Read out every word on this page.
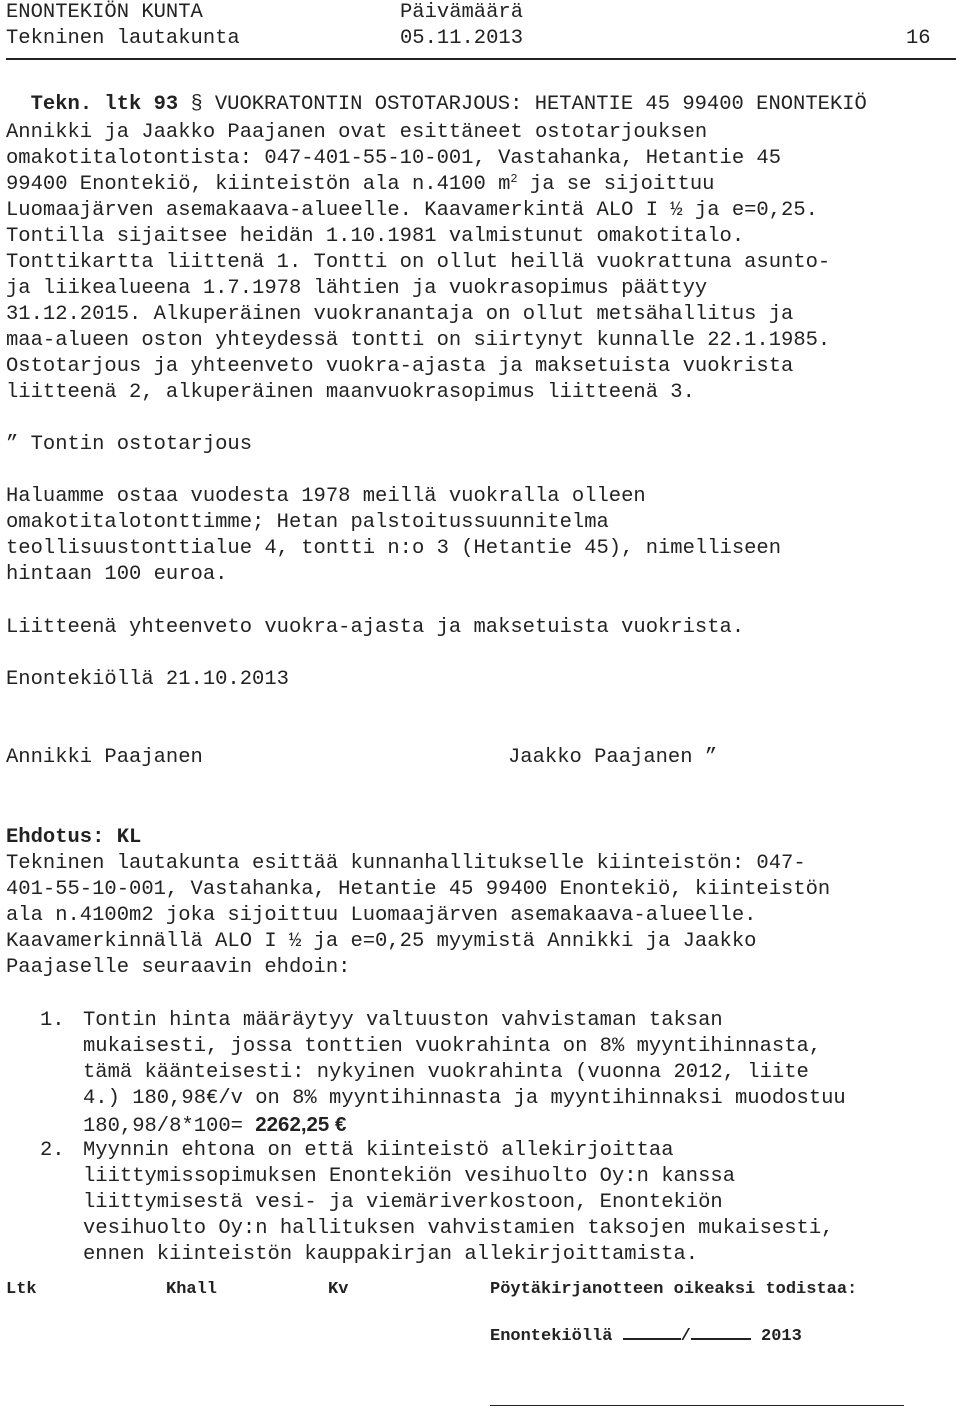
ENONTEKIÖN KUNTA
Tekninen lautakunta
Päivämäärä
05.11.2013	16

Tekn. ltk 93 § VUOKRATONTIN OSTOTARJOUS: HETANTIE 45 99400 ENONTEKIÖ

Annikki ja Jaakko Paajanen ovat esittäneet ostotarjouksen
omakotitalotontista: 047-401-55-10-001, Vastahanka, Hetantie 45
99400 Enontekiö, kiinteistön ala n.4100 $m^2$ ja se sijoittuu
Luomaajärven asemakaava-alueelle. Kaavamerkintä ALO I ½ ja e=0,25.
Tontilla sijaitsee heidän 1.10.1981 valmistunut omakotitalo.
Tonttikartta liittenä 1. Tontti on ollut heillä vuokrattuna asunto-
ja liikealueena 1.7.1978 lähtien ja vuokrasopimus päättyy
31.12.2015. Alkuperäinen vuokranantaja on ollut metsähallitus ja
maa-alueen oston yhteydessä tontti on siirtynyt kunnalle 22.1.1985.
Ostotarjous ja yhteenveto vuokra-ajasta ja maksetuista vuokrista
liitteenä 2, alkuperäinen maanvuokrasopimus liitteenä 3.
” Tontin ostotarjous
Haluamme ostaa vuodesta 1978 meillä vuokralla olleen
omakotitalotonttimme; Hetan palstoitussuunnitelma
teollisuustonttialue 4, tontti n:o 3 (Hetantie 45), nimelliseen
hintaan 100 euroa.
Liitteenä yhteenveto vuokra-ajasta ja maksetuista vuokrista.
Enontekiöllä 21.10.2013
Annikki Paajanen	Jaakko Paajanen ”
Ehdotus: KL
Tekninen lautakunta esittää kunnanhallitukselle kiinteistön: 047-
401-55-10-001, Vastahanka, Hetantie 45 99400 Enontekiö, kiinteistön
ala n.4100m2 joka sijoittuu Luomaajärven asemakaava-alueelle.
Kaavamerkinnällä ALO I ½ ja e=0,25 myymistä Annikki ja Jaakko
Paajaselle seuraavin ehdoin:
1. Tontin hinta määräytyy valtuuston vahvistaman taksan
mukaisesti, jossa tonttien vuokrahinta on 8% myyntihinnasta,
tämä käänteisesti: nykyinen vuokrahinta (vuonna 2012, liite
4.) 180,98€/v on 8% myyntihinnasta ja myyntihinnaksi muodostuu
180,98/8*100= 2262,25 €
2. Myynnin ehtona on että kiinteistö allekirjoittaa
liittymissopimuksen Enontekiön vesihuolto Oy:n kanssa
liittymisestä vesi- ja viemäriverkostoon, Enontekiön
vesihuolto Oy:n hallituksen vahvistamien taksojen mukaisesti,
ennen kiinteistön kauppakirjan allekirjoittamista.
Ltk	Khall	Kv	Pöytäkirjanotteen oikeaksi todistaa:
Enontekiöllä	/	2013
